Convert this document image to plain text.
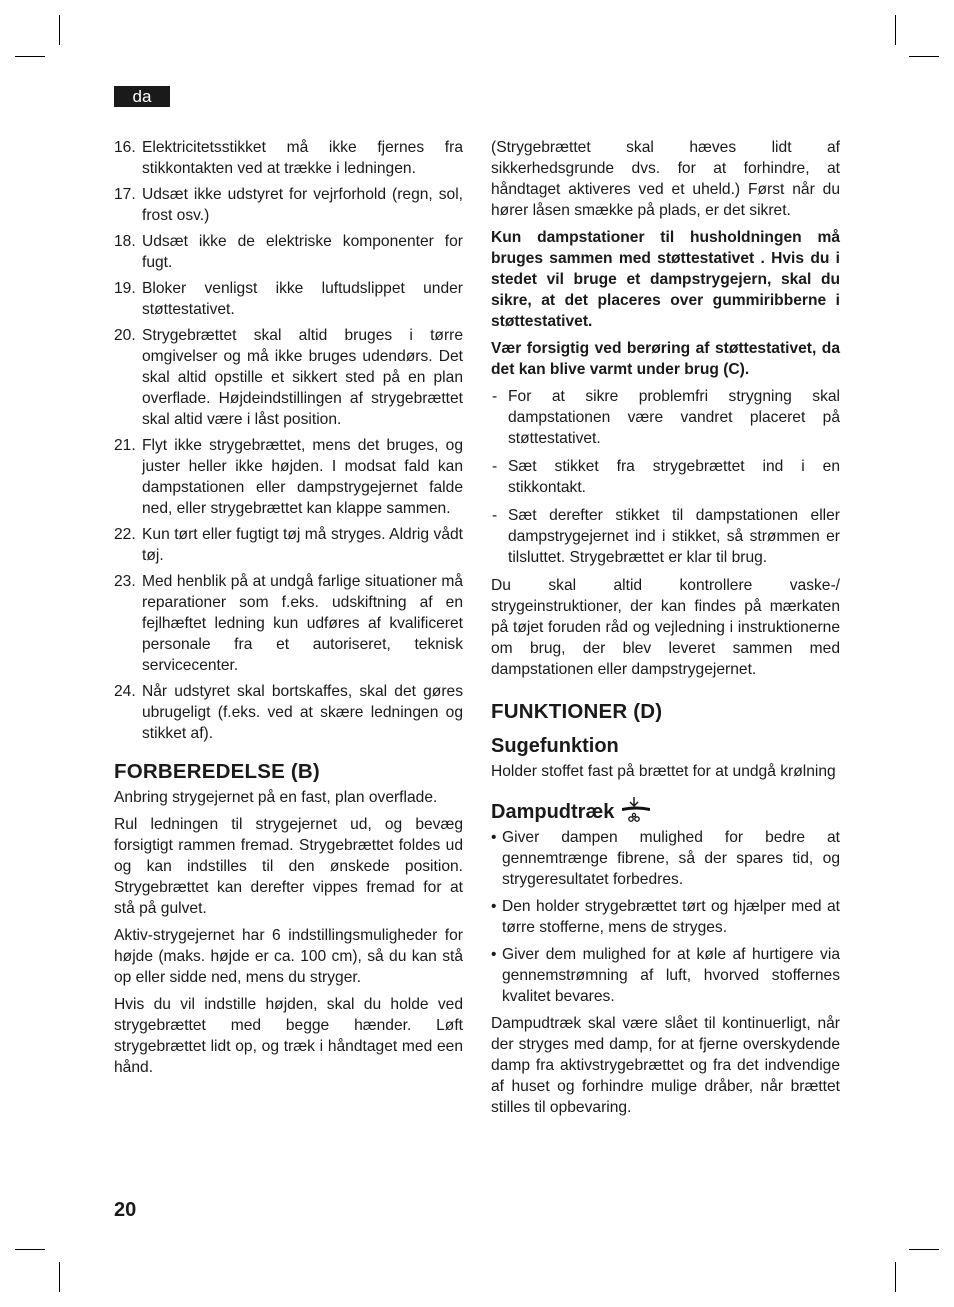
da
16. Elektricitetsstikket må ikke fjernes fra stikkontakten ved at trække i ledningen.
17. Udsæt ikke udstyret for vejrforhold (regn, sol, frost osv.)
18. Udsæt ikke de elektriske komponenter for fugt.
19. Bloker venligst ikke luftudslippet under støttestativet.
20. Strygebrættet skal altid bruges i tørre omgivelser og må ikke bruges udendørs. Det skal altid opstille et sikkert sted på en plan overflade. Højdeindstillingen af strygebrættet skal altid være i låst position.
21. Flyt ikke strygebrættet, mens det bruges, og juster heller ikke højden. I modsat fald kan dampstationen eller dampstrygejernet falde ned, eller strygebrættet kan klappe sammen.
22. Kun tørt eller fugtigt tøj må stryges. Aldrig vådt tøj.
23. Med henblik på at undgå farlige situationer må reparationer som f.eks. udskiftning af en fejlhæftet ledning kun udføres af kvalificeret personale fra et autoriseret, teknisk servicecenter.
24. Når udstyret skal bortskaffes, skal det gøres ubrugeligt (f.eks. ved at skære ledningen og stikket af).
FORBEREDELSE (B)

Anbring strygejernet på en fast, plan overflade.

Rul ledningen til strygejernet ud, og bevæg forsigtigt rammen fremad. Strygebrættet foldes ud og kan indstilles til den ønskede position. Strygebrættet kan derefter vippes fremad for at stå på gulvet.

Aktiv-strygejernet har 6 indstillingsmuligheder for højde (maks. højde er ca. 100 cm), så du kan stå op eller sidde ned, mens du stryger.

Hvis du vil indstille højden, skal du holde ved strygebrættet med begge hænder. Løft strygebrættet lidt op, og træk i håndtaget med een hånd.

(Strygebrættet skal hæves lidt af sikkerhedsgrunde dvs. for at forhindre, at håndtaget aktiveres ved et uheld.) Først når du hører låsen smække på plads, er det sikret.

Kun dampstationer til husholdningen må bruges sammen med støttestativet . Hvis du i stedet vil bruge et dampstrygejern, skal du sikre, at det placeres over gummiribberne i støttestativet.

Vær forsigtig ved berøring af støttestativet, da det kan blive varmt under brug (C).

- For at sikre problemfri strygning skal dampstationen være vandret placeret på støttestativet.
- Sæt stikket fra strygebrættet ind i en stikkontakt.
- Sæt derefter stikket til dampstationen eller dampstrygejernet ind i stikket, så strømmen er tilsluttet. Strygebrættet er klar til brug.

Du skal altid kontrollere vaske-/ strygeinstruktioner, der kan findes på mærkaten på tøjet foruden råd og vejledning i instruktionerne om brug, der blev leveret sammen med dampstationen eller dampstrygejernet.

FUNKTIONER (D)
Sugefunktion

Holder stoffet fast på brættet for at undgå krølning

Dampudtræk
• Giver dampen mulighed for bedre at gennemtrænge fibrene, så der spares tid, og strygeresultatet forbedres.
• Den holder strygebrættet tørt og hjælper med at tørre stofferne, mens de stryges.
• Giver dem mulighed for at køle af hurtigere via gennemstrømning af luft, hvorved stoffernes kvalitet bevares.

Dampudtræk skal være slået til kontinuerligt, når der stryges med damp, for at fjerne overskydende damp fra aktivstrygebrættet og fra det indvendige af huset og forhindre mulige dråber, når brættet stilles til opbevaring.

20
